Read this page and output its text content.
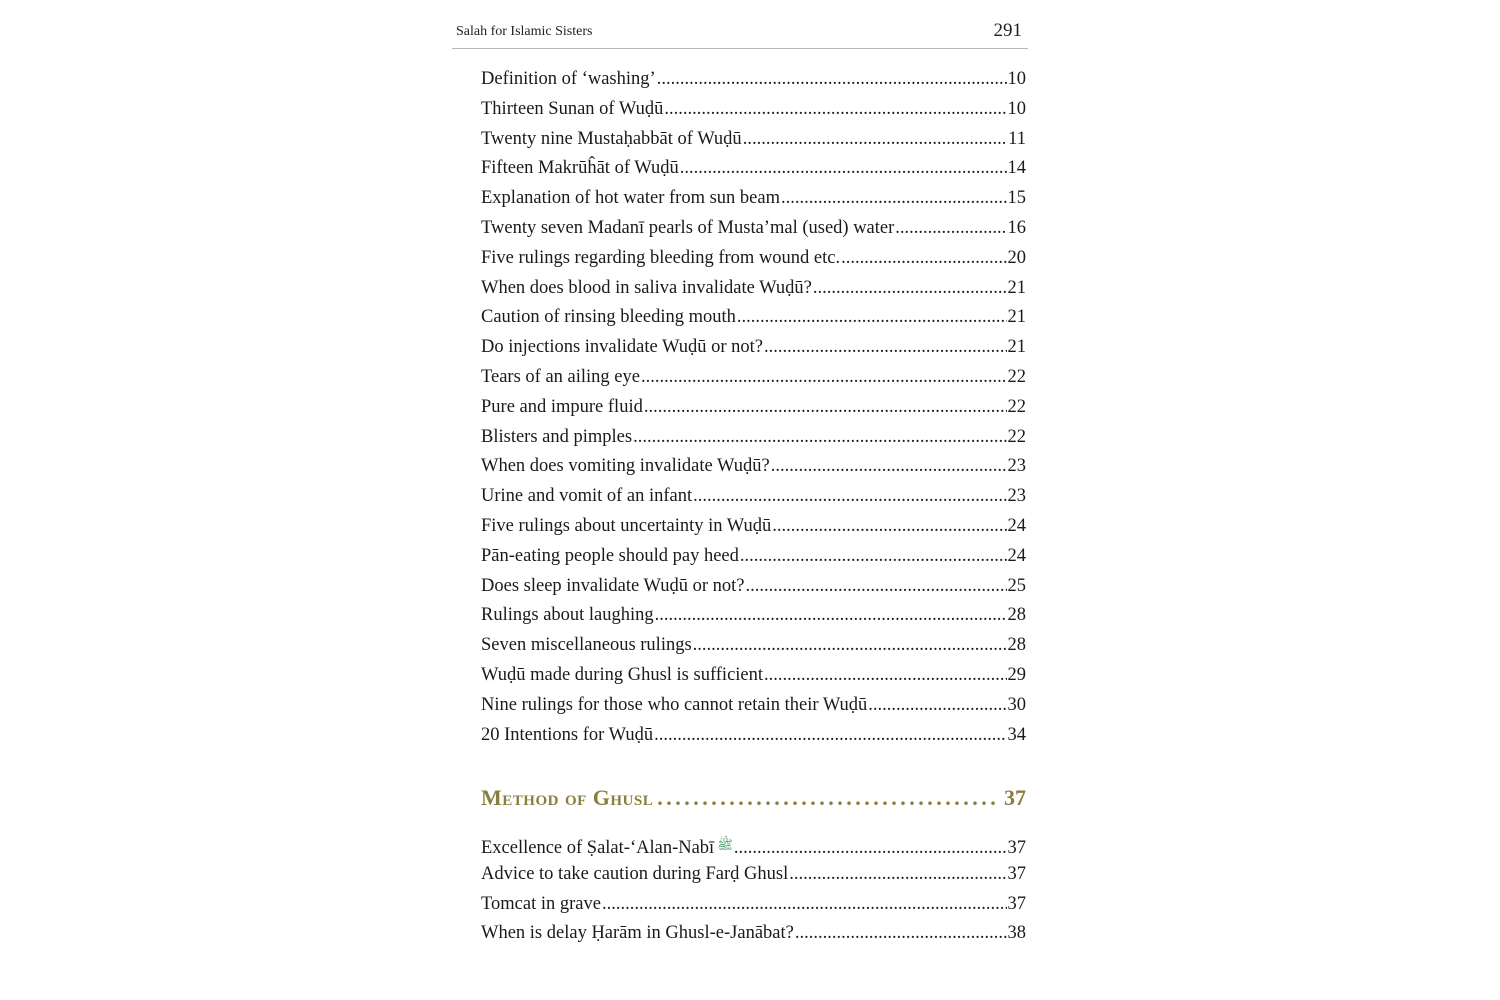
Salah for Islamic Sisters	291
Definition of ‘washing’ .....	10
Thirteen Sunan of Wuḍū .....	10
Twenty nine Mustaḥabbāt of Wuḍū .....	11
Fifteen Makrūĥāt of Wuḍū .....	14
Explanation of hot water from sun beam .....	15
Twenty seven Madanī pearls of Musta’mal (used) water .....	16
Five rulings regarding bleeding from wound etc. .....	20
When does blood in saliva invalidate Wuḍū? .....	21
Caution of rinsing bleeding mouth .....	21
Do injections invalidate Wuḍū or not? .....	21
Tears of an ailing eye .....	22
Pure and impure fluid .....	22
Blisters and pimples .....	22
When does vomiting invalidate Wuḍū? .....	23
Urine and vomit of an infant .....	23
Five rulings about uncertainty in Wuḍū .....	24
Pān-eating people should pay heed .....	24
Does sleep invalidate Wuḍū or not? .....	25
Rulings about laughing .....	28
Seven miscellaneous rulings .....	28
Wuḍū made during Ghusl is sufficient .....	29
Nine rulings for those who cannot retain their Wuḍū .....	30
20 Intentions for Wuḍū .....	34
Method of Ghusl . . .	37
Excellence of Ṣalat-‘Alan-Nabī ﷺ .....	37
Advice to take caution during Farḍ Ghusl .....	37
Tomcat in grave .....	37
When is delay Ḥarām in Ghusl-e-Janābat? .....	38
